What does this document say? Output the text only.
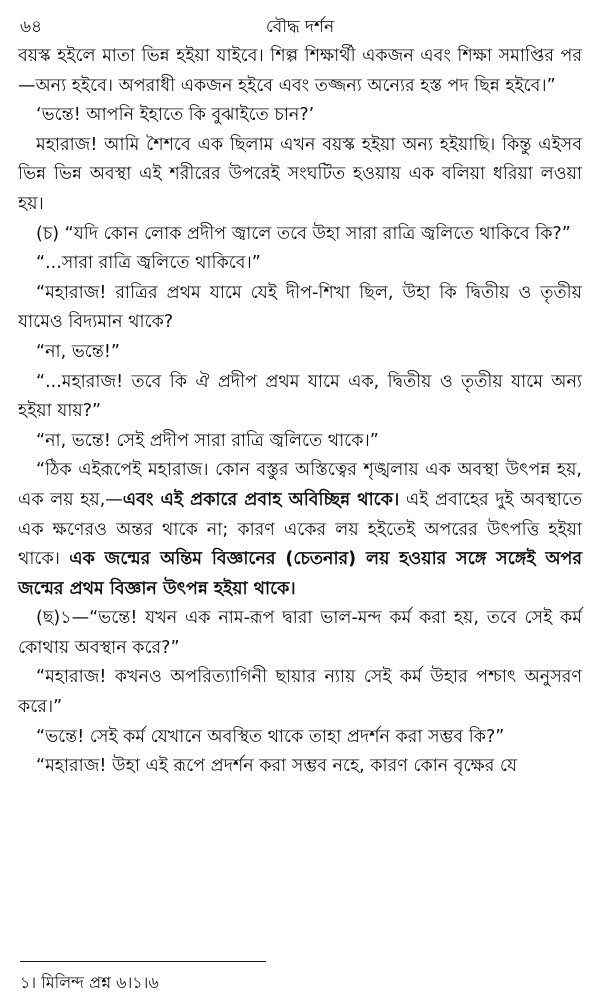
৬৪	বৌদ্ধ দর্শন

বয়স্ক হইলে মাতা ভিন্ন হইয়া যাইবে। শিল্প শিক্ষার্থী একজন এবং শিক্ষা সমাপ্তির পর—অন্য হইবে। অপরাধী একজন হইবে এবং তজ্জন্য অন্যের হস্ত পদ ছিন্ন হইবে।”

‘ভন্তে! আপনি ইহাতে কি বুঝাইতে চান?’

মহারাজ! আমি শৈশবে এক ছিলাম এখন বয়স্ক হইয়া অন্য হইয়াছি। কিন্তু এইসব ভিন্ন ভিন্ন অবস্থা এই শরীরের উপরেই সংঘটিত হওয়ায় এক বলিয়া ধরিয়া লওয়া হয়।

(চ) “যদি কোন লোক প্রদীপ জ্বালে তবে উহা সারা রাত্রি জ্বলিতে থাকিবে কি?”

“...সারা রাত্রি জ্বলিতে থাকিবে।”

“মহারাজ! রাত্রির প্রথম যামে যেই দীপ-শিখা ছিল, উহা কি দ্বিতীয় ও তৃতীয় যামেও বিদ্যমান থাকে?

“না, ভন্তে!”

“...মহারাজ! তবে কি ঐ প্রদীপ প্রথম যামে এক, দ্বিতীয় ও তৃতীয় যামে অন্য হইয়া যায়?”

“না, ভন্তে! সেই প্রদীপ সারা রাত্রি জ্বলিতে থাকে।”

“ঠিক এইরূপেই মহারাজ। কোন বস্তুর অস্তিত্বের শৃঙ্খলায় এক অবস্থা উৎপন্ন হয়, এক লয় হয়,—এবং এই প্রকারে প্রবাহ অবিচ্ছিন্ন থাকে। এই প্রবাহের দুই অবস্থাতে এক ক্ষণেরও অন্তর থাকে না; কারণ একের লয় হইতেই অপরের উৎপত্তি হইয়া থাকে। এক জন্মের অন্তিম বিজ্ঞানের (চেতনার) লয় হওয়ার সঙ্গে সঙ্গেই অপর জন্মের প্রথম বিজ্ঞান উৎপন্ন হইয়া থাকে।

(ছ)১—“ভন্তে! যখন এক নাম-রূপ দ্বারা ভাল-মন্দ কর্ম করা হয়, তবে সেই কর্ম কোথায় অবস্থান করে?”

“মহারাজ! কখনও অপরিত্যাগিনী ছায়ার ন্যায় সেই কর্ম উহার পশ্চাৎ অনুসরণ করে।”

“ভন্তে! সেই কর্ম যেখানে অবস্থিত থাকে তাহা প্রদর্শন করা সম্ভব কি?”

“মহারাজ! উহা এই রূপে প্রদর্শন করা সম্ভব নহে, কারণ কোন বৃক্ষের যে

১। মিলিন্দ প্রশ্ন ৬।১।৬
